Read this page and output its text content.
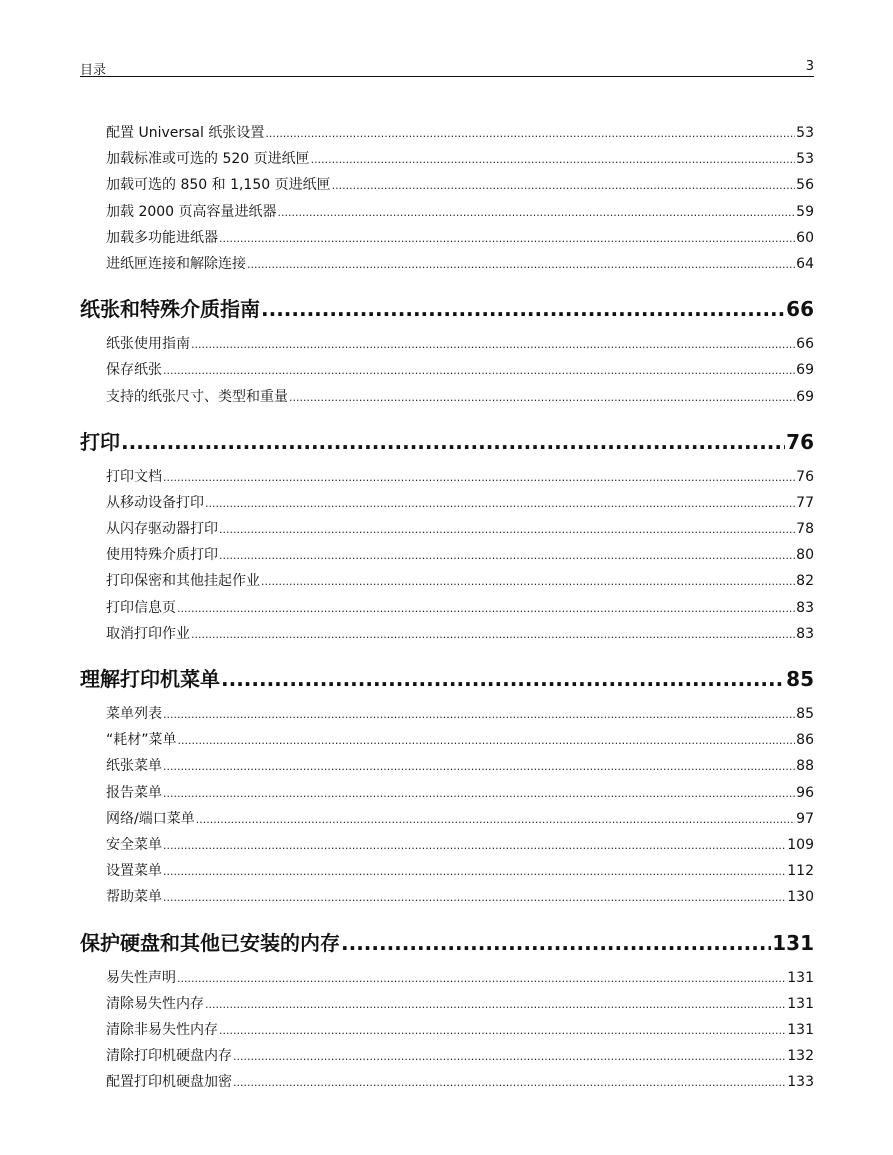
目录	3
配置 Universal 纸张设置 .....	53
加载标准或可选的 520 页进纸匣 .....	53
加载可选的 850 和 1,150 页进纸匣 .....	56
加载 2000 页高容量进纸器 .....	59
加载多功能进纸器 .....	60
进纸匣连接和解除连接 .....	64
纸张和特殊介质指南 .....	66
纸张使用指南 .....	66
保存纸张 .....	69
支持的纸张尺寸、类型和重量 .....	69
打印 .....	76
打印文档 .....	76
从移动设备打印 .....	77
从闪存驱动器打印 .....	78
使用特殊介质打印 .....	80
打印保密和其他挂起作业 .....	82
打印信息页 .....	83
取消打印作业 .....	83
理解打印机菜单 .....	85
菜单列表 .....	85
“耗材”菜单 .....	86
纸张菜单 .....	88
报告菜单 .....	96
网络/端口菜单 .....	97
安全菜单 .....	109
设置菜单 .....	112
帮助菜单 .....	130
保护硬盘和其他已安装的内存 .....	131
易失性声明 .....	131
清除易失性内存 .....	131
清除非易失性内存 .....	131
清除打印机硬盘内存 .....	132
配置打印机硬盘加密 .....	133
